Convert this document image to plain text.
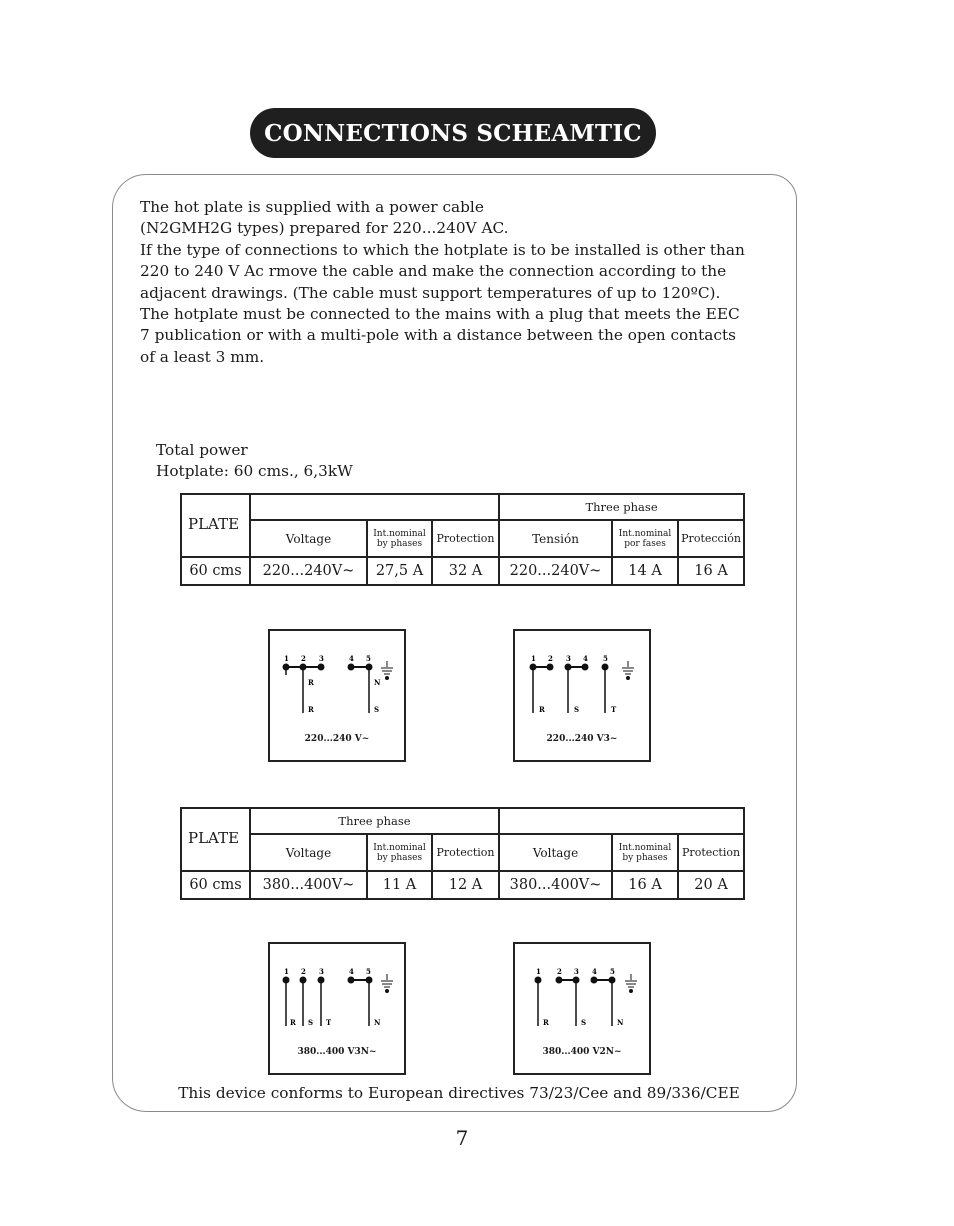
CONNECTIONS SCHEAMTIC

The hot plate is supplied with a power cable

(N2GMH2G types) prepared for 220...240V AC.

If the type of connections to which the hotplate is to be installed is other than

220 to 240 V Ac rmove the cable and make the connection according to the

adjacent drawings. (The cable must support temperatures of up to 120ºC).

The hotplate must be connected to the mains with a plug that meets the EEC

7 publication or with a multi-pole with a distance between the open contacts

of a least 3 mm.

Total power
Hotplate: 60 cms., 6,3kW
PLATE				Three phase		
	Voltage	Int.nominal by phases	Protection	Tensión	Int.nominal por fases	Protección
60 cms	220...240V~	27,5 A	32 A	220...240V~	14 A	16 A
1 2 3	4 5
R	N
R	S
220...240 V~
1 2 3 4 5
R	S	T
220...240 V3~
PLATE	Three phase					
	Voltage	Int.nominal by phases	Protection	Voltage	Int.nominal by phases	Protection
60 cms	380...400V~	11 A	12 A	380...400V~	16 A	20 A
1 2 3	4 5
R S T	N
380...400 V3N~
1 2 3 4 5
R	S	N
380...400 V2N~
This device conforms to European directives 73/23/Cee and 89/336/CEE
7
